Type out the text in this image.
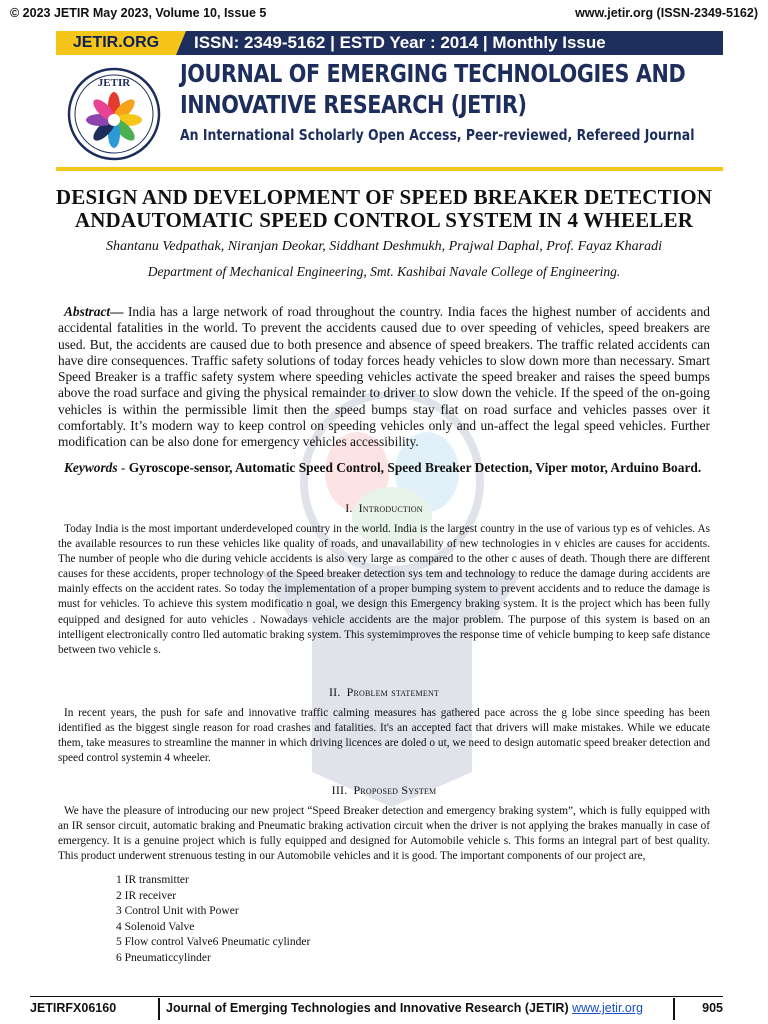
© 2023 JETIR May 2023, Volume 10, Issue 5	www.jetir.org (ISSN-2349-5162)
JETIR.ORG	ISSN: 2349-5162 | ESTD Year : 2014 | Monthly Issue
JETIR JOURNAL OF EMERGING TECHNOLOGIES AND
INNOVATIVE RESEARCH (JETIR)
An International Scholarly Open Access, Peer-reviewed, Refereed Journal
DESIGN AND DEVELOPMENT OF SPEED BREAKER DETECTION
ANDAUTOMATIC SPEED CONTROL SYSTEM IN 4 WHEELER
Shantanu Vedpathak, Niranjan Deokar, Siddhant Deshmukh, Prajwal Daphal, Prof. Fayaz Kharadi
Department of Mechanical Engineering, Smt. Kashibai Navale College of Engineering.
Abstract— India has a large network of road throughout the country. India faces the highest number of accidents and accidental fatalities in the world. To prevent the accidents caused due to over speeding of vehicles, speed breakers are used. But, the accidents are caused due to both presence and absence of speed breakers. The traffic related accidents can have dire consequences. Traffic safety solutions of today forces heady vehicles to slow down more than necessary. Smart Speed Breaker is a traffic safety system where speeding vehicles activate the speed breaker and raises the speed bumps above the road surface and giving the physical remainder to driver to slow down the vehicle. If the speed of the on-going vehicles is within the permissible limit then the speed bumps stay flat on road surface and vehicles passes over it comfortably. It’s modern way to keep control on speeding vehicles only and un-affect the legal speed vehicles. Further modification can be also done for emergency vehicles accessibility.
Keywords - Gyroscope-sensor, Automatic Speed Control, Speed Breaker Detection, Viper motor, Arduino Board.
I. Introduction
Today India is the most important underdeveloped country in the world. India is the largest country in the use of various typ es of vehicles. As the available resources to run these vehicles like quality of roads, and unavailability of new technologies in v ehicles are causes for accidents. The number of people who die during vehicle accidents is also very large as compared to the other c auses of death. Though there are different causes for these accidents, proper technology of the Speed breaker detection sys tem and technology to reduce the damage during accidents are mainly effects on the accident rates. So today the implementation of a proper bumping system to prevent accidents and to reduce the damage is must for vehicles. To achieve this system modificatio n goal, we design this Emergency braking system. It is the project which has been fully equipped and designed for auto vehicles . Nowadays vehicle accidents are the major problem. The purpose of this system is based on an intelligent electronically contro lled automatic braking system. This systemimproves the response time of vehicle bumping to keep safe distance between two vehicle s.
II. Problem statement
In recent years, the push for safe and innovative traffic calming measures has gathered pace across the g lobe since speeding has been identified as the biggest single reason for road crashes and fatalities. It's an accepted fact that drivers will make mistakes. While we educate them, take measures to streamline the manner in which driving licences are doled o ut, we need to design automatic speed breaker detection and speed control systemin 4 wheeler.
III. Proposed System
We have the pleasure of introducing our new project “Speed Breaker detection and emergency braking system”, which is fully equipped with an IR sensor circuit, automatic braking and Pneumatic braking activation circuit when the driver is not applying the brakes manually in case of emergency. It is a genuine project which is fully equipped and designed for Automobile vehicle s. This forms an integral part of best quality. This product underwent strenuous testing in our Automobile vehicles and it is good. The important components of our project are,
1 IR transmitter
2 IR receiver
3 Control Unit with Power
4 Solenoid Valve
5 Flow control Valve6 Pneumatic cylinder
6 Pneumaticcylinder
JETIRFX06160	Journal of Emerging Technologies and Innovative Research (JETIR) www.jetir.org	905
